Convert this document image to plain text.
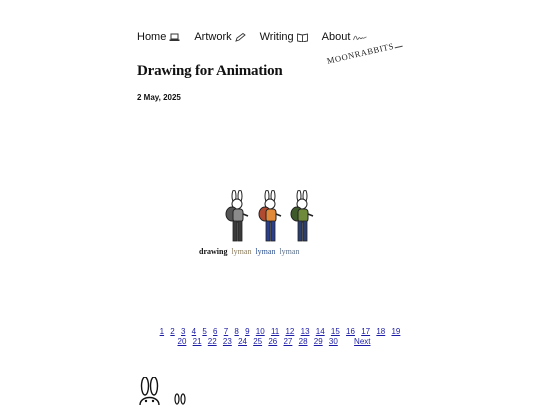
Home	Artwork	Writing	About
Drawing for Animation
MOONRABBITS
2 May, 2025
drawing lyman lyman lyman
1 2 3 4 5 6 7 8 9 10 11 12 13 14 15 16 17 18 19
20 21 22 23 24 25 26 27 28 29 30 Next
